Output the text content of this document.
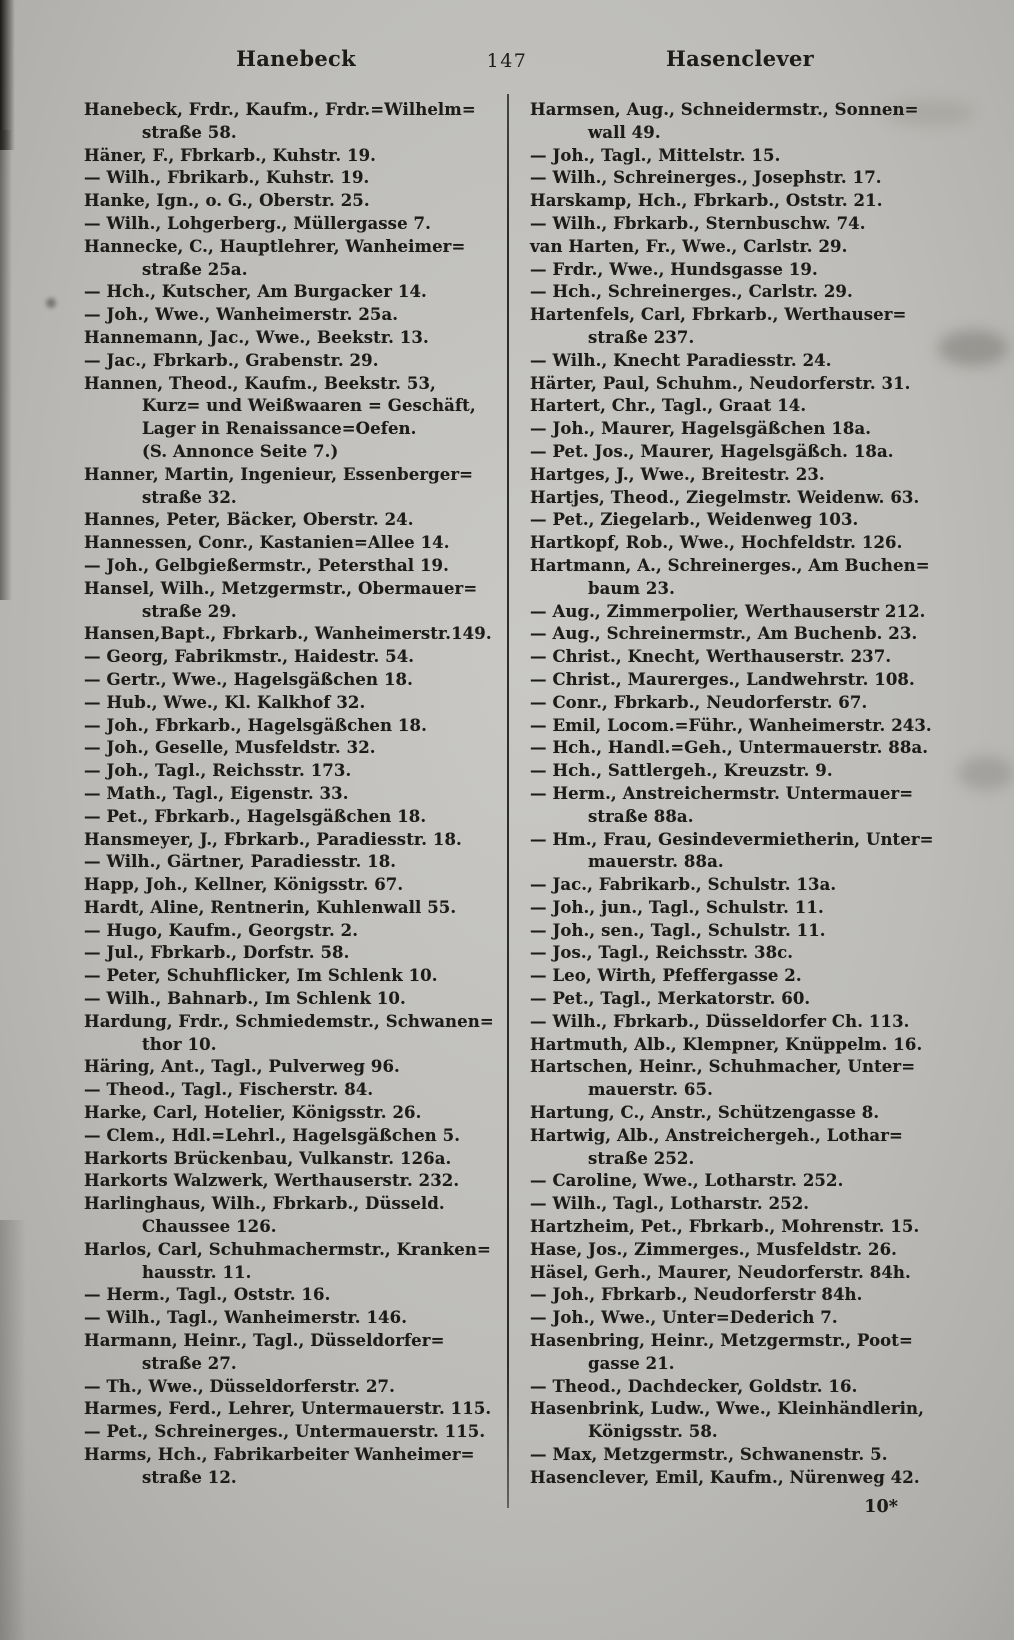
Hanebeck	147	Hasenclever
Hanebeck, Frdr., Kaufm., Frdr.=Wilhelm=
straße 58.
Häner, F., Fbrkarb., Kuhstr. 19.
— Wilh., Fbrikarb., Kuhstr. 19.
Hanke, Ign., o. G., Oberstr. 25.
— Wilh., Lohgerberg., Müllergasse 7.
Hannecke, C., Hauptlehrer, Wanheimer=
straße 25a.
— Hch., Kutscher, Am Burgacker 14.
— Joh., Wwe., Wanheimerstr. 25a.
Hannemann, Jac., Wwe., Beekstr. 13.
— Jac., Fbrkarb., Grabenstr. 29.
Hannen, Theod., Kaufm., Beekstr. 53,
Kurz= und Weißwaaren = Geschäft,
Lager in Renaissance=Oefen.
(S. Annonce Seite 7.)
Hanner, Martin, Ingenieur, Essenberger=
straße 32.
Hannes, Peter, Bäcker, Oberstr. 24.
Hannessen, Conr., Kastanien=Allee 14.
— Joh., Gelbgießermstr., Petersthal 19.
Hansel, Wilh., Metzgermstr., Obermauer=
straße 29.
Hansen,Bapt., Fbrkarb., Wanheimerstr.149.
— Georg, Fabrikmstr., Haidestr. 54.
— Gertr., Wwe., Hagelsgäßchen 18.
— Hub., Wwe., Kl. Kalkhof 32.
— Joh., Fbrkarb., Hagelsgäßchen 18.
— Joh., Geselle, Musfeldstr. 32.
— Joh., Tagl., Reichsstr. 173.
— Math., Tagl., Eigenstr. 33.
— Pet., Fbrkarb., Hagelsgäßchen 18.
Hansmeyer, J., Fbrkarb., Paradiesstr. 18.
— Wilh., Gärtner, Paradiesstr. 18.
Happ, Joh., Kellner, Königsstr. 67.
Hardt, Aline, Rentnerin, Kuhlenwall 55.
— Hugo, Kaufm., Georgstr. 2.
— Jul., Fbrkarb., Dorfstr. 58.
— Peter, Schuhflicker, Im Schlenk 10.
— Wilh., Bahnarb., Im Schlenk 10.
Hardung, Frdr., Schmiedemstr., Schwanen=
thor 10.
Häring, Ant., Tagl., Pulverweg 96.
— Theod., Tagl., Fischerstr. 84.
Harke, Carl, Hotelier, Königsstr. 26.
— Clem., Hdl.=Lehrl., Hagelsgäßchen 5.
Harkorts Brückenbau, Vulkanstr. 126a.
Harkorts Walzwerk, Werthauserstr. 232.
Harlinghaus, Wilh., Fbrkarb., Düsseld.
Chaussee 126.
Harlos, Carl, Schuhmachermstr., Kranken=
hausstr. 11.
— Herm., Tagl., Oststr. 16.
— Wilh., Tagl., Wanheimerstr. 146.
Harmann, Heinr., Tagl., Düsseldorfer=
straße 27.
— Th., Wwe., Düsseldorferstr. 27.
Harmes, Ferd., Lehrer, Untermauerstr. 115.
— Pet., Schreinerges., Untermauerstr. 115.
Harms, Hch., Fabrikarbeiter Wanheimer=
straße 12.
Harmsen, Aug., Schneidermstr., Sonnen=
wall 49.
— Joh., Tagl., Mittelstr. 15.
— Wilh., Schreinerges., Josephstr. 17.
Harskamp, Hch., Fbrkarb., Oststr. 21.
— Wilh., Fbrkarb., Sternbuschw. 74.
van Harten, Fr., Wwe., Carlstr. 29.
— Frdr., Wwe., Hundsgasse 19.
— Hch., Schreinerges., Carlstr. 29.
Hartenfels, Carl, Fbrkarb., Werthauser=
straße 237.
— Wilh., Knecht Paradiesstr. 24.
Härter, Paul, Schuhm., Neudorferstr. 31.
Hartert, Chr., Tagl., Graat 14.
— Joh., Maurer, Hagelsgäßchen 18a.
— Pet. Jos., Maurer, Hagelsgäßch. 18a.
Hartges, J., Wwe., Breitestr. 23.
Hartjes, Theod., Ziegelmstr. Weidenw. 63.
— Pet., Ziegelarb., Weidenweg 103.
Hartkopf, Rob., Wwe., Hochfeldstr. 126.
Hartmann, A., Schreinerges., Am Buchen=
baum 23.
— Aug., Zimmerpolier, Werthauserstr 212.
— Aug., Schreinermstr., Am Buchenb. 23.
— Christ., Knecht, Werthauserstr. 237.
— Christ., Maurerges., Landwehrstr. 108.
— Conr., Fbrkarb., Neudorferstr. 67.
— Emil, Locom.=Führ., Wanheimerstr. 243.
— Hch., Handl.=Geh., Untermauerstr. 88a.
— Hch., Sattlergeh., Kreuzstr. 9.
— Herm., Anstreichermstr. Untermauer=
straße 88a.
— Hm., Frau, Gesindevermietherin, Unter=
mauerstr. 88a.
— Jac., Fabrikarb., Schulstr. 13a.
— Joh., jun., Tagl., Schulstr. 11.
— Joh., sen., Tagl., Schulstr. 11.
— Jos., Tagl., Reichsstr. 38c.
— Leo, Wirth, Pfeffergasse 2.
— Pet., Tagl., Merkatorstr. 60.
— Wilh., Fbrkarb., Düsseldorfer Ch. 113.
Hartmuth, Alb., Klempner, Knüppelm. 16.
Hartschen, Heinr., Schuhmacher, Unter=
mauerstr. 65.
Hartung, C., Anstr., Schützengasse 8.
Hartwig, Alb., Anstreichergeh., Lothar=
straße 252.
— Caroline, Wwe., Lotharstr. 252.
— Wilh., Tagl., Lotharstr. 252.
Hartzheim, Pet., Fbrkarb., Mohrenstr. 15.
Hase, Jos., Zimmerges., Musfeldstr. 26.
Häsel, Gerh., Maurer, Neudorferstr. 84h.
— Joh., Fbrkarb., Neudorferstr 84h.
— Joh., Wwe., Unter=Dederich 7.
Hasenbring, Heinr., Metzgermstr., Poot=
gasse 21.
— Theod., Dachdecker, Goldstr. 16.
Hasenbrink, Ludw., Wwe., Kleinhändlerin,
Königsstr. 58.
— Max, Metzgermstr., Schwanenstr. 5.
Hasenclever, Emil, Kaufm., Nürenweg 42.
10*
